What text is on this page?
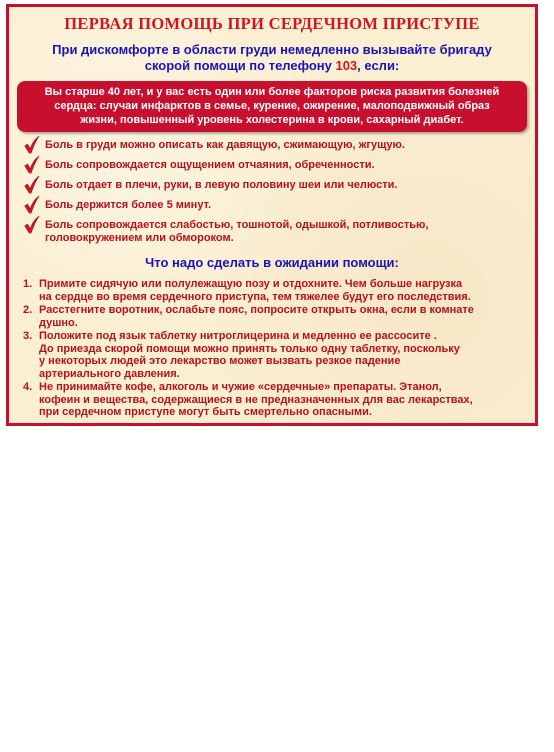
ПЕРВАЯ ПОМОЩЬ ПРИ СЕРДЕЧНОМ ПРИСТУПЕ
При дискомфорте в области груди немедленно вызывайте бригаду
скорой помощи по телефону 103, если:
Вы старше 40 лет, и у вас есть один или более факторов риска развития болезней
сердца: случаи инфарктов в семье, курение, ожирение, малоподвижный образ
жизни, повышенный уровень холестерина в крови, сахарный диабет.
Боль в груди можно описать как давящую, сжимающую, жгущую.
Боль сопровождается ощущением отчаяния, обреченности.
Боль отдает в плечи, руки, в левую половину шеи или челюсти.
Боль держится более 5 минут.
Боль сопровождается слабостью, тошнотой, одышкой, потливостью,
головокружением или обмороком.
Что надо сделать в ожидании помощи:
1. Примите сидячую или полулежащую позу и отдохните. Чем больше нагрузка
на сердце во время сердечного приступа, тем тяжелее будут его последствия.
2. Расстегните воротник, ослабьте пояс, попросите открыть окна, если в комнате
душно.
3. Положите под язык таблетку нитроглицерина и медленно ее рассосите .
До приезда скорой помощи можно принять только одну таблетку, поскольку
у некоторых людей это лекарство может вызвать резкое падение
артериального давления.
4. Не принимайте кофе, алкоголь и чужие «сердечные» препараты. Этанол,
кофеин и вещества, содержащиеся в не предназначенных для вас лекарствах,
при сердечном приступе могут быть смертельно опасными.
